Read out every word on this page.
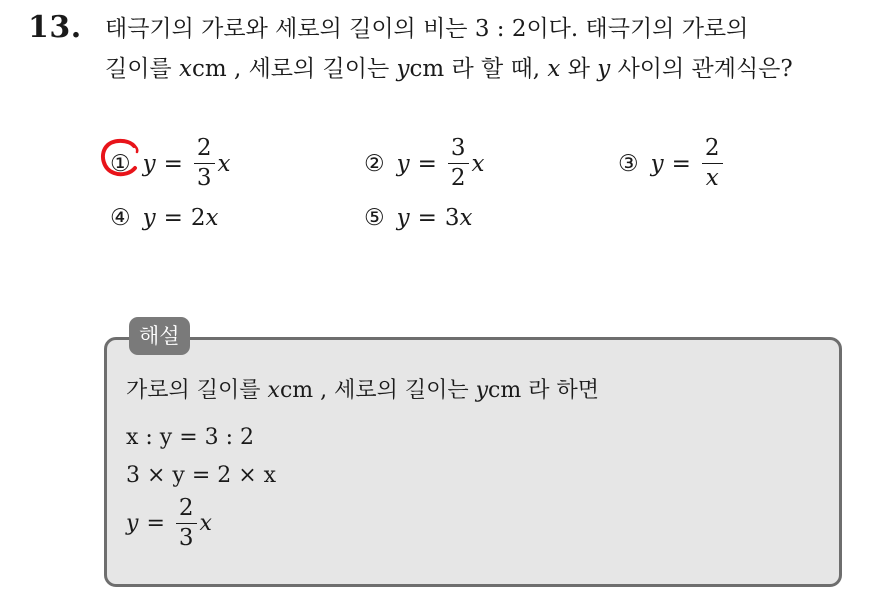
13. 태극기의 가로와 세로의 길이의 비는 3 : 2이다. 태극기의 가로의
길이를 xcm , 세로의 길이는 ycm 라 할 때, x 와 y 사이의 관계식은?
① $y = \frac{2}{3}$ x	② $y = \frac{3}{2}$ x	③ $y = \frac{2}{x}$
④ y = 2 x	⑤ y = 3 x
해설
가로의 길이를 xcm , 세로의 길이는 ycm 라 하면
x : y = 3 : 2
3 × y = 2 × x
$y = \frac{2}{3}$ x
